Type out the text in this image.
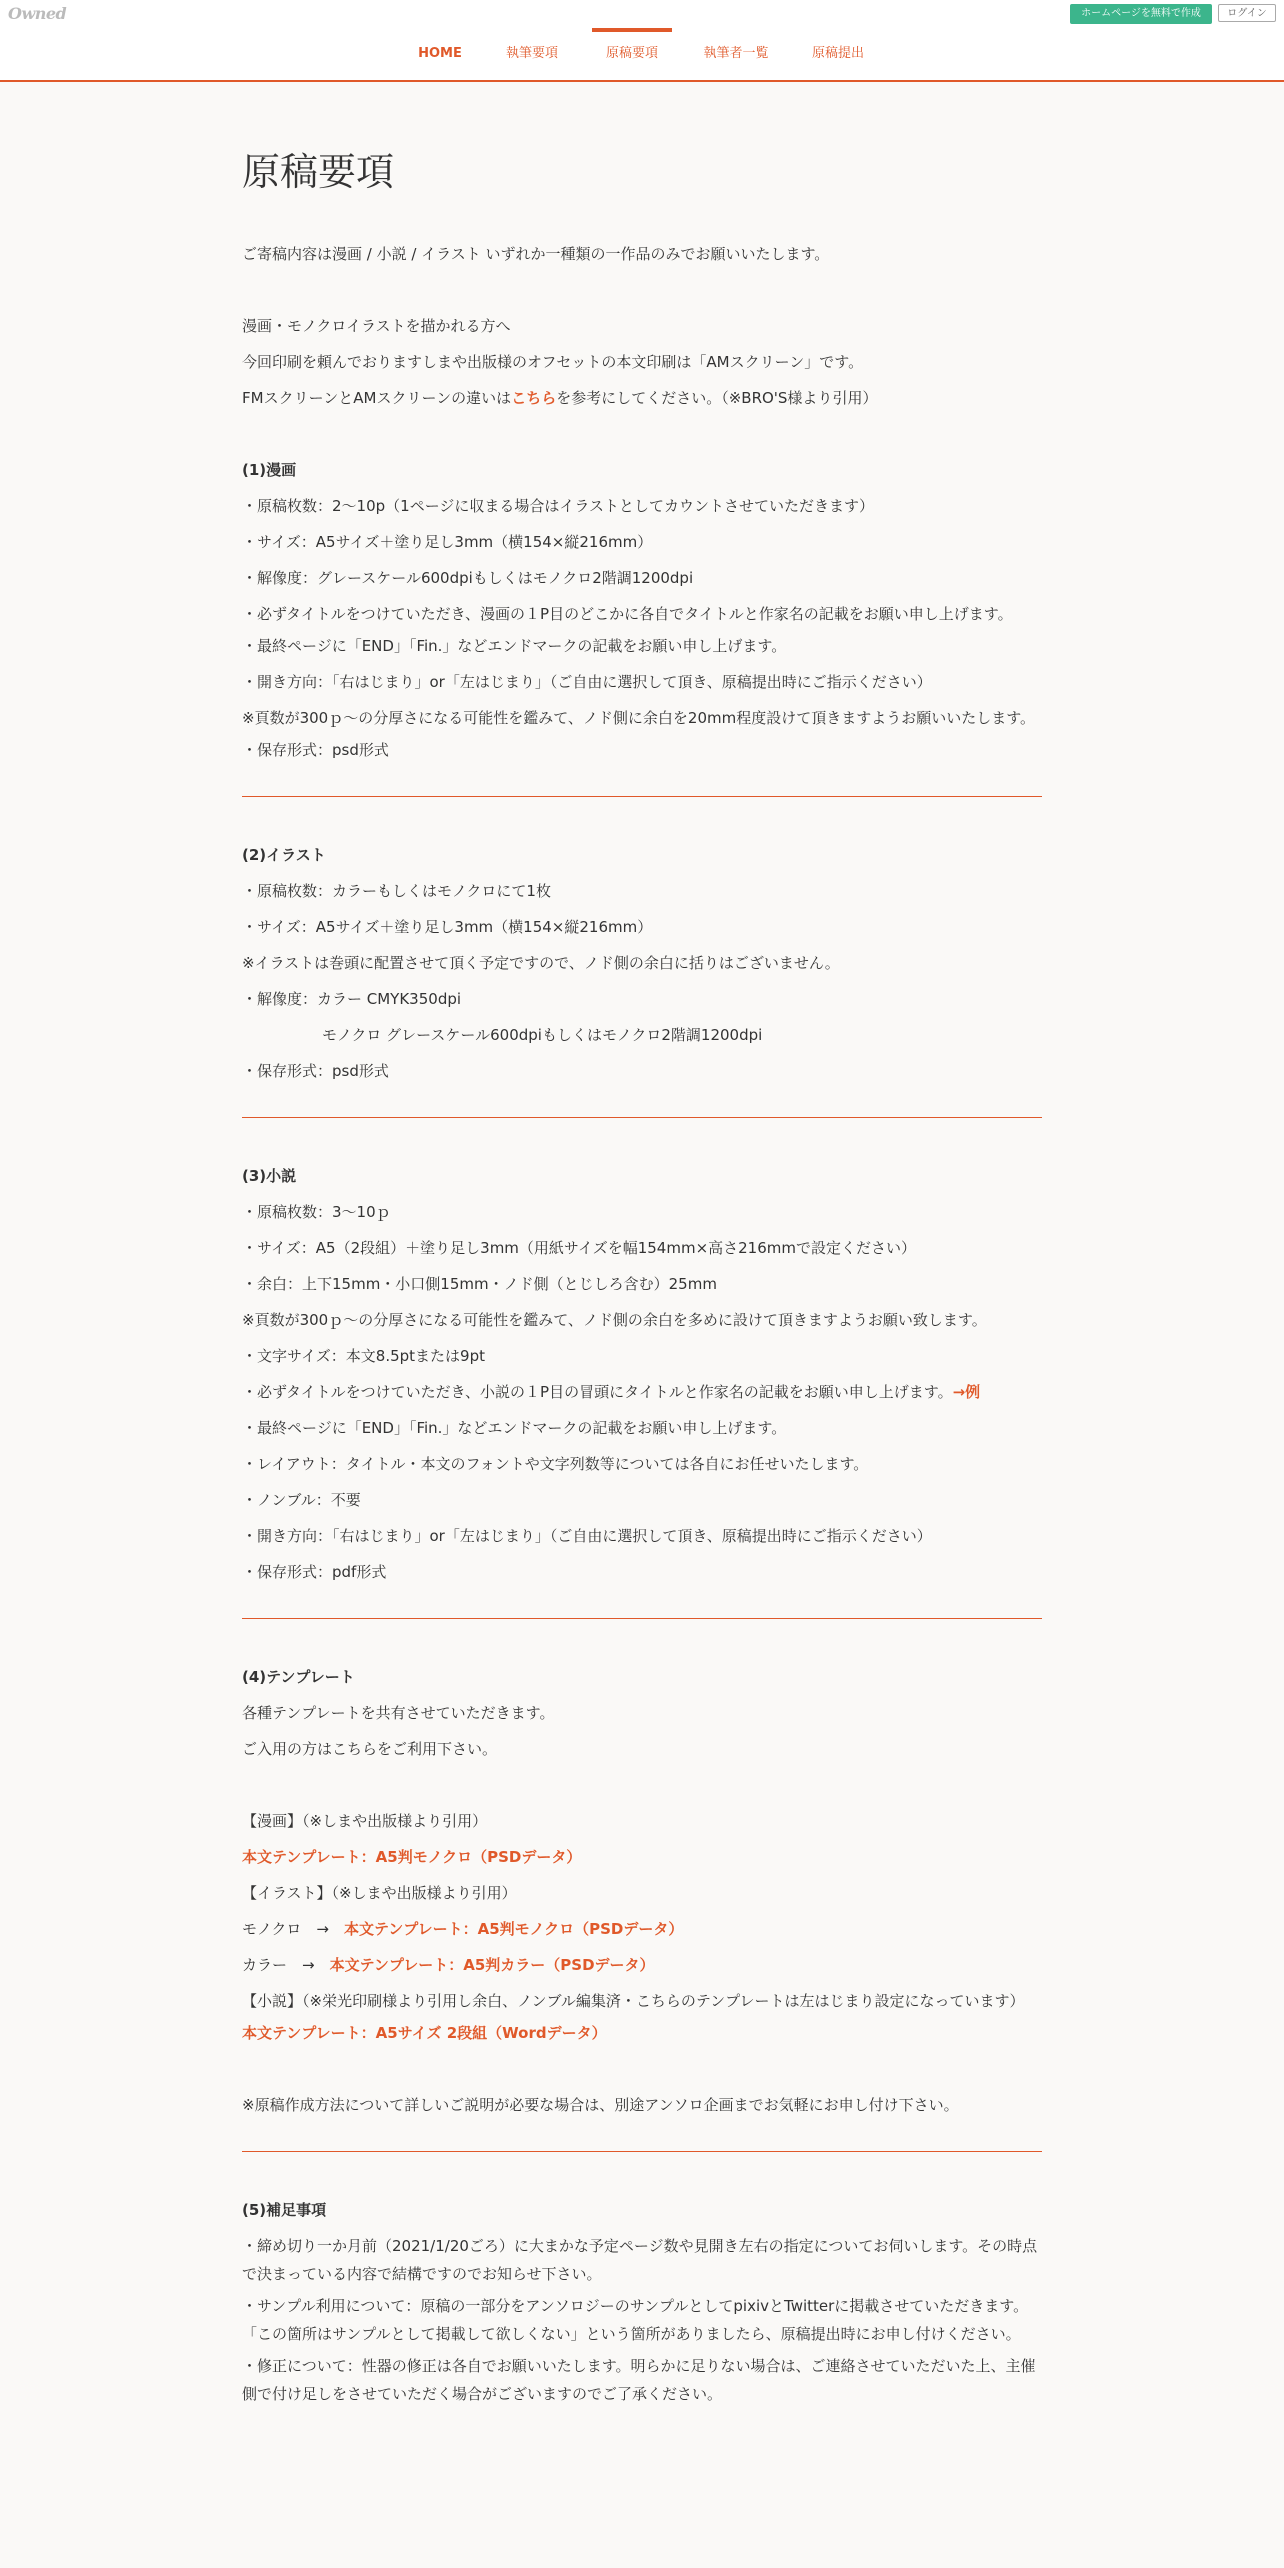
Owned	ホームページを無料で作成	ログイン
HOME	執筆要項	原稿要項	執筆者一覧	原稿提出
原稿要項

ご寄稿内容は漫画 / 小説 / イラスト いずれか一種類の一作品のみでお願いいたします。

漫画・モノクロイラストを描かれる方へ

今回印刷を頼んでおりますしまや出版様のオフセットの本文印刷は「AMスクリーン」です。

FMスクリーンとAMスクリーンの違いはこちらを参考にしてください。（※BRO'S様より引用）

(1)漫画

・原稿枚数：2～10p（1ページに収まる場合はイラストとしてカウントさせていただきます）

・サイズ：A5サイズ＋塗り足し3mm（横154×縦216mm）

・解像度：グレースケール600dpiもしくはモノクロ2階調1200dpi

・必ずタイトルをつけていただき、漫画の１P目のどこかに各自でタイトルと作家名の記載をお願い申し上げます。

・最終ページに「END」「Fin.」などエンドマークの記載をお願い申し上げます。

・開き方向：「右はじまり」or「左はじまり」（ご自由に選択して頂き、原稿提出時にご指示ください）

※頁数が300ｐ～の分厚さになる可能性を鑑みて、ノド側に余白を20mm程度設けて頂きますようお願いいたします。

・保存形式：psd形式

(2)イラスト

・原稿枚数：カラーもしくはモノクロにて1枚

・サイズ：A5サイズ＋塗り足し3mm（横154×縦216mm）

※イラストは巻頭に配置させて頂く予定ですので、ノド側の余白に括りはございません。

・解像度：カラー CMYK350dpi

モノクロ グレースケール600dpiもしくはモノクロ2階調1200dpi

・保存形式：psd形式

(3)小説

・原稿枚数：3～10ｐ

・サイズ：A5（2段組）＋塗り足し3mm（用紙サイズを幅154mm×高さ216mmで設定ください）

・余白：上下15mm・小口側15mm・ノド側（とじしろ含む）25mm

※頁数が300ｐ～の分厚さになる可能性を鑑みて、ノド側の余白を多めに設けて頂きますようお願い致します。

・文字サイズ：本文8.5ptまたは9pt

・必ずタイトルをつけていただき、小説の１P目の冒頭にタイトルと作家名の記載をお願い申し上げます。→例

・最終ページに「END」「Fin.」などエンドマークの記載をお願い申し上げます。

・レイアウト：タイトル・本文のフォントや文字列数等については各自にお任せいたします。

・ノンブル：不要

・開き方向：「右はじまり」or「左はじまり」（ご自由に選択して頂き、原稿提出時にご指示ください）

・保存形式：pdf形式

(4)テンプレート

各種テンプレートを共有させていただきます。

ご入用の方はこちらをご利用下さい。

【漫画】（※しまや出版様より引用）

本文テンプレート：A5判モノクロ（PSDデータ）

【イラスト】（※しまや出版様より引用）

モノクロ　→　本文テンプレート：A5判モノクロ（PSDデータ）

カラー　→　本文テンプレート：A5判カラー（PSDデータ）

【小説】（※栄光印刷様より引用し余白、ノンブル編集済・こちらのテンプレートは左はじまり設定になっています）

本文テンプレート：A5サイズ 2段組（Wordデータ）

※原稿作成方法について詳しいご説明が必要な場合は、別途アンソロ企画までお気軽にお申し付け下さい。

(5)補足事項

・締め切り一か月前（2021/1/20ごろ）に大まかな予定ページ数や見開き左右の指定についてお伺いします。その時点で決まっている内容で結構ですのでお知らせ下さい。

・サンプル利用について：原稿の一部分をアンソロジーのサンプルとしてpixivとTwitterに掲載させていただきます。「この箇所はサンプルとして掲載して欲しくない」という箇所がありましたら、原稿提出時にお申し付けください。

・修正について：性器の修正は各自でお願いいたします。明らかに足りない場合は、ご連絡させていただいた上、主催側で付け足しをさせていただく場合がございますのでご了承ください。
